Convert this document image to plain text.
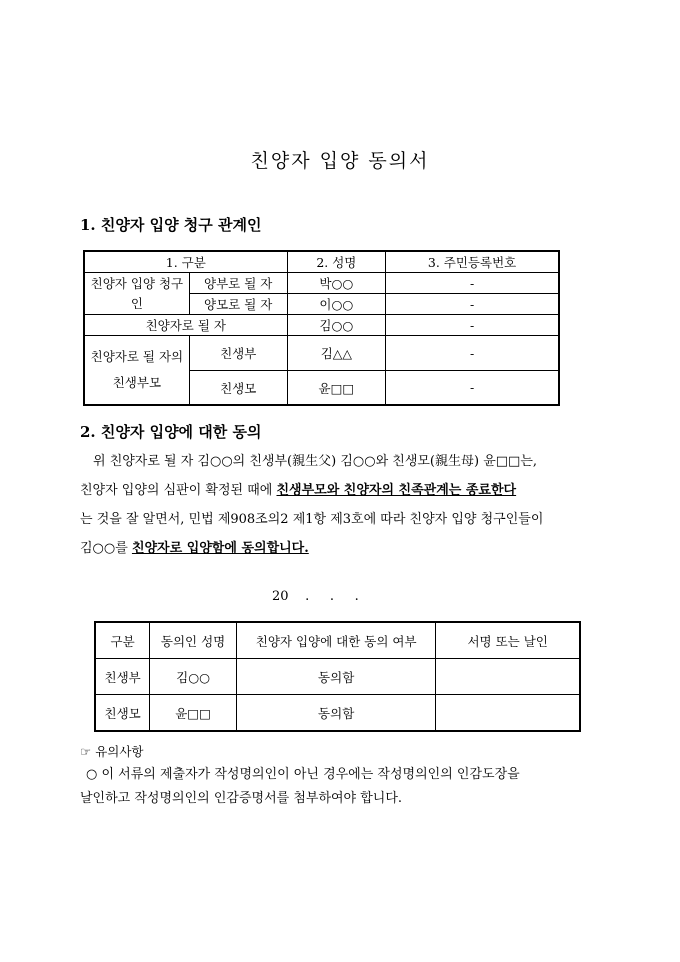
친양자 입양 동의서
1. 친양자 입양 청구 관계인
1. 구분		2. 성명	3. 주민등록번호
친양자 입양 청구인	양부로 될 자	박○○	-
	양모로 될 자	이○○	-
친양자로 될 자		김○○	-
친양자로 될 자의 친생부모	친생부	김△△	-
	친생모	윤□□	-
2. 친양자 입양에 대한 동의
위 친양자로 될 자 김○○의 친생부(親生父) 김○○와 친생모(親生母) 윤□□는,
친양자 입양의 심판이 확정된 때에 친생부모와 친양자의 친족관계는 종료한다
는 것을 잘 알면서, 민법 제908조의2 제1항 제3호에 따라 친양자 입양 청구인들이
김○○를 친양자로 입양함에 동의합니다.
20    .     .     .
구분	동의인 성명	친양자 입양에 대한 동의 여부	서명 또는 날인
친생부	김○○	동의함	
친생모	윤□□	동의함	
☞ 유의사항
○ 이 서류의 제출자가 작성명의인이 아닌 경우에는 작성명의인의 인감도장을
날인하고 작성명의인의 인감증명서를 첨부하여야 합니다.
